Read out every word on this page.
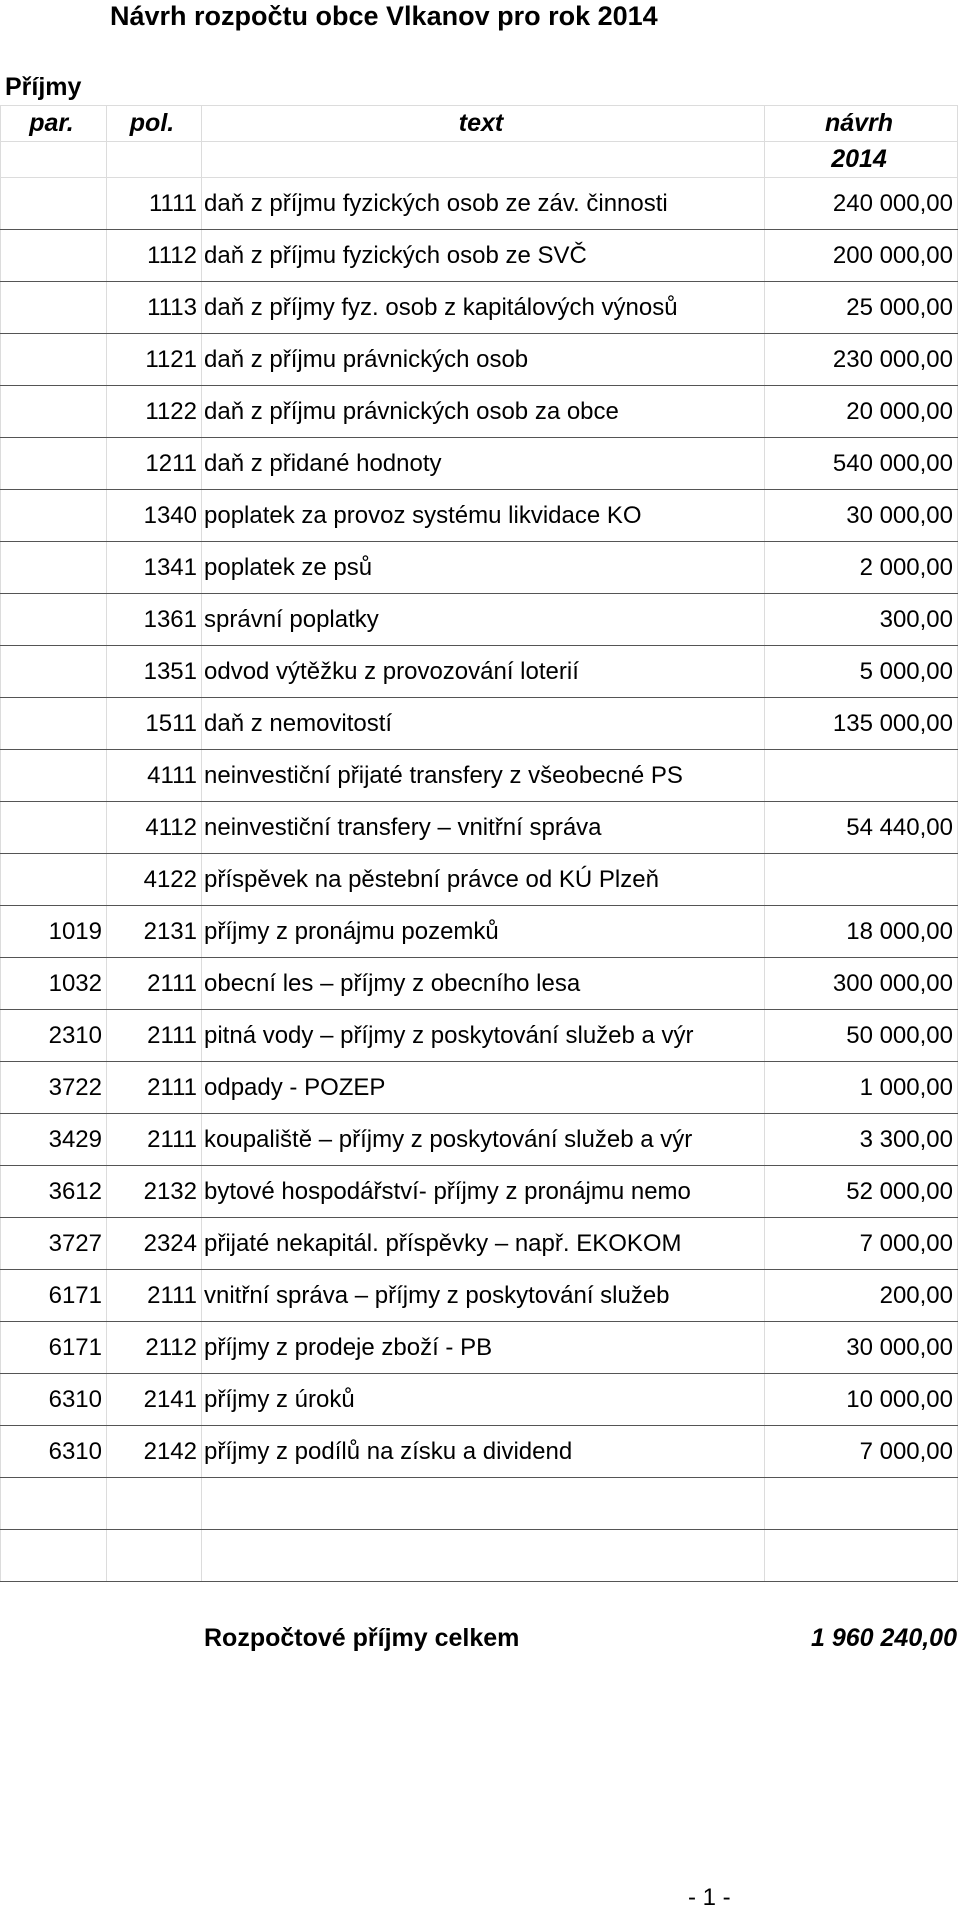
Návrh rozpočtu obce Vlkanov pro rok 2014
Příjmy
par.	pol.	text	návrh
			2014
	1111	daň z příjmu fyzických osob ze záv. činnosti	240 000,00
	1112	daň z příjmu fyzických osob ze SVČ	200 000,00
	1113	daň z příjmy fyz. osob z kapitálových výnosů	25 000,00
	1121	daň z příjmu právnických osob	230 000,00
	1122	daň z příjmu právnických osob za obce	20 000,00
	1211	daň z přidané hodnoty	540 000,00
	1340	poplatek za provoz systému likvidace KO	30 000,00
	1341	poplatek ze psů	2 000,00
	1361	správní poplatky	300,00
	1351	odvod výtěžku z provozování loterií	5 000,00
	1511	daň z nemovitostí	135 000,00
	4111	neinvestiční přijaté transfery z všeobecné PS	
	4112	neinvestiční transfery – vnitřní správa	54 440,00
	4122	příspěvek na pěstební právce od KÚ Plzeň	
1019	2131	příjmy z pronájmu pozemků	18 000,00
1032	2111	obecní les – příjmy z obecního lesa	300 000,00
2310	2111	pitná vody – příjmy z poskytování služeb a výr	50 000,00
3722	2111	odpady - POZEP	1 000,00
3429	2111	koupaliště – příjmy z poskytování služeb a výr	3 300,00
3612	2132	bytové hospodářství- příjmy z pronájmu nemo	52 000,00
3727	2324	přijaté nekapitál. příspěvky – např. EKOKOM	7 000,00
6171	2111	vnitřní správa – příjmy z poskytování služeb	200,00
6171	2112	příjmy z prodeje zboží - PB	30 000,00
6310	2141	příjmy z úroků	10 000,00
6310	2142	příjmy z podílů na získu a dividend	7 000,00

Rozpočtové příjmy celkem	1 960 240,00
- 1 -
